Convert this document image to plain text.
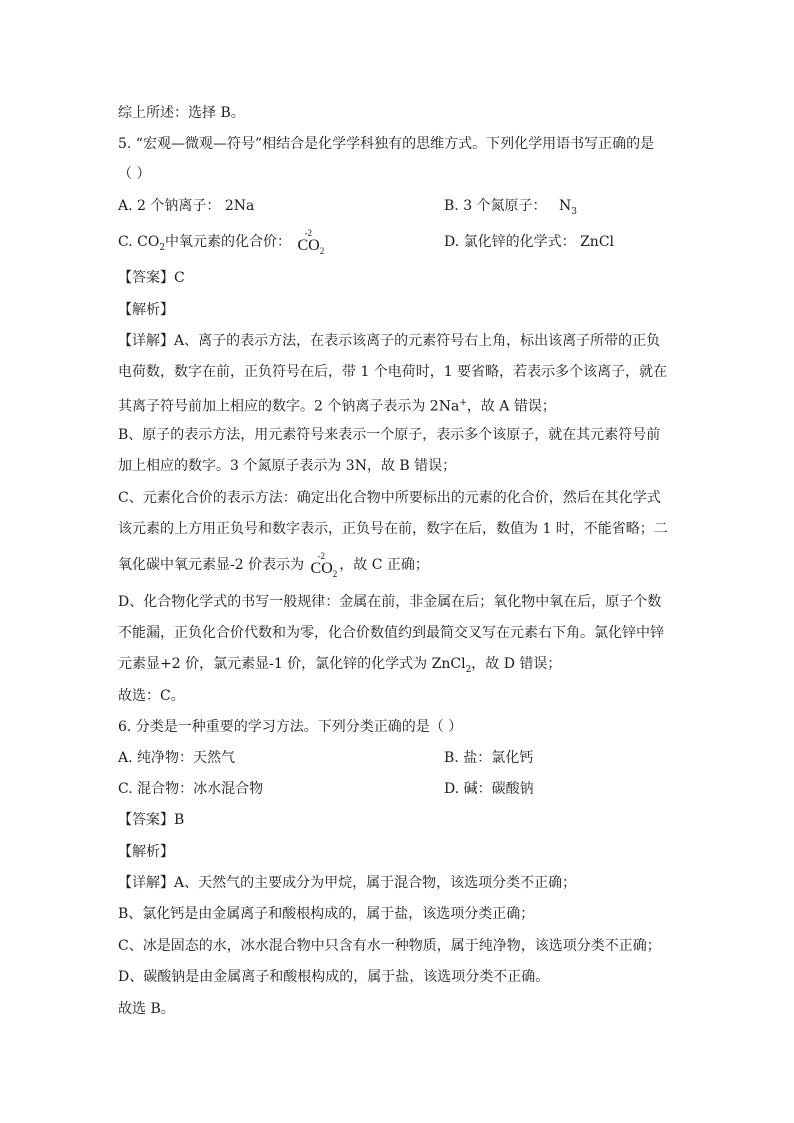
综上所述：选择 B。
5. “宏观—微观—符号”相结合是化学学科独有的思维方式。下列化学用语书写正确的是
（ ）
A. 2 个钠离子： 2Na	B. 3 个氮原子： $N_3$
C. $CO_2$中氧元素的化合价：
-2
$CO_2$
D. 氯化锌的化学式： ZnCl
【答案】C
【解析】
【详解】A、离子的表示方法，在表示该离子的元素符号右上角，标出该离子所带的正负
电荷数，数字在前，正负符号在后，带 1 个电荷时，1 要省略，若表示多个该离子，就在
其离子符号前加上相应的数字。2 个钠离子表示为 2Na+，故 A 错误；
B、原子的表示方法，用元素符号来表示一个原子，表示多个该原子，就在其元素符号前
加上相应的数字。3 个氮原子表示为 3N，故 B 错误；
C、元素化合价的表示方法：确定出化合物中所要标出的元素的化合价，然后在其化学式
该元素的上方用正负号和数字表示，正负号在前，数字在后，数值为 1 时，不能省略；二
氧化碳中氧元素显-2 价表示为
-2
$CO_2$，故 C 正确；
D、化合物化学式的书写一般规律：金属在前，非金属在后；氧化物中氧在后，原子个数
不能漏，正负化合价代数和为零，化合价数值约到最简交叉写在元素右下角。氯化锌中锌
元素显+2 价，氯元素显-1 价，氯化锌的化学式为 ZnCl$_2$，故 D 错误；
故选：C。
6. 分类是一种重要的学习方法。下列分类正确的是（ ）
A. 纯净物：天然气	B. 盐：氯化钙
C. 混合物：冰水混合物	D. 碱：碳酸钠
【答案】B
【解析】
【详解】A、天然气的主要成分为甲烷，属于混合物，该选项分类不正确；
B、氯化钙是由金属离子和酸根构成的，属于盐，该选项分类正确；
C、冰是固态的水，冰水混合物中只含有水一种物质，属于纯净物，该选项分类不正确；
D、碳酸钠是由金属离子和酸根构成的，属于盐，该选项分类不正确。
故选 B。
